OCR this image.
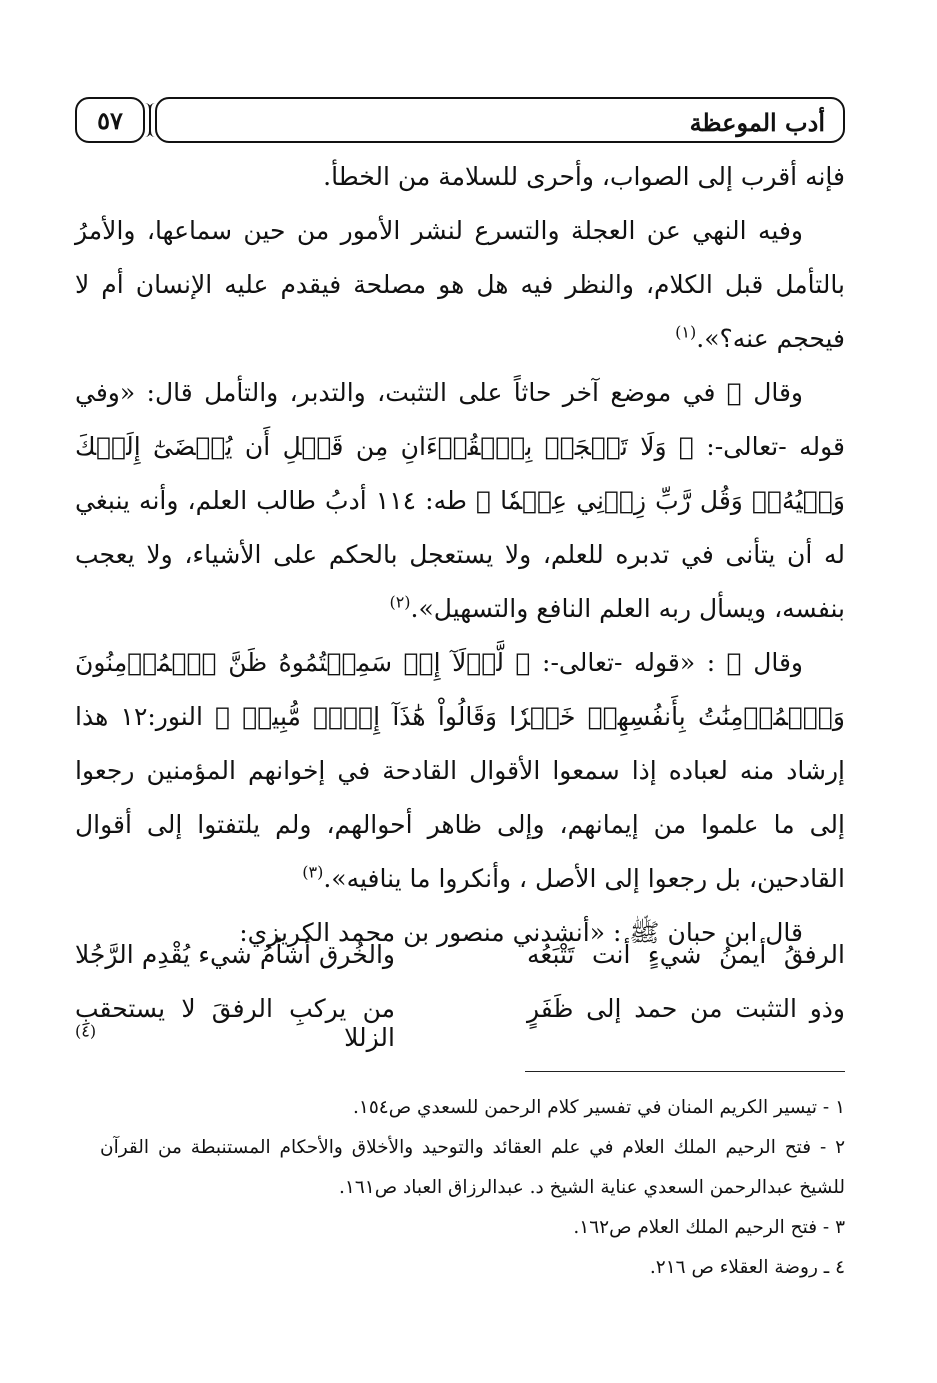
٥٧	أدب الموعظة

فإنه أقرب إلى الصواب، وأحرى للسلامة من الخطأ.

وفيه النهي عن العجلة والتسرع لنشر الأمور من حين سماعها، والأمرُ بالتأمل قبل الكلام، والنظر فيه هل هو مصلحة فيقدم عليه الإنسان أم لا فيحجم عنه؟».$^{(١)}$

وقال ﷺ في موضع آخر حاثاً على التثبت، والتدبر، والتأمل قال: «وفي قوله -تعالى-: ﴿ وَلَا تَعۡجَلۡ بِٱلۡقُرۡءَانِ مِن قَبۡلِ أَن يُقۡضَىٰٓ إِلَيۡكَ وَحۡيُهُۥۖ وَقُل رَّبِّ زِدۡنِي عِلۡمٗا ﴾ طه: ١١٤ أدبُ طالب العلم، وأنه ينبغي له أن يتأنى في تدبره للعلم، ولا يستعجل بالحكم على الأشياء، ولا يعجب بنفسه، ويسأل ربه العلم النافع والتسهيل».$^{(٢)}$

وقال ﷺ : «قوله -تعالى-: ﴿ لَّوۡلَآ إِذۡ سَمِعۡتُمُوهُ ظَنَّ ٱلۡمُؤۡمِنُونَ وَٱلۡمُؤۡمِنَٰتُ بِأَنفُسِهِمۡ خَيۡرٗا وَقَالُواْ هَٰذَآ إِفۡكٞ مُّبِينٞ ﴾ النور:١٢ هذا إرشاد منه لعباده إذا سمعوا الأقوال القادحة في إخوانهم المؤمنين رجعوا إلى ما علموا من إيمانهم، وإلى ظاهر أحوالهم، ولم يلتفتوا إلى أقوال القادحين، بل رجعوا إلى الأصل ، وأنكروا ما ينافيه».$^{(٣)}$

قال ابن حبان ﷺ : «أنشدني منصور بن محمد الكريزي:

الرفقُ أيمنُ شيءٍ أنت تَتْبَعُه
والخُرق أشأمُ شيء يُقْدِم الرَّجُلا
وذو التثبت من حمد إلى ظَفَرٍ
من يركبِ الرفقَ لا يستحقبِ الزللا $^{(٤)}$

١ - تيسير الكريم المنان في تفسير كلام الرحمن للسعدي ص١٥٤.

٢ - فتح الرحيم الملك العلام في علم العقائد والتوحيد والأخلاق والأحكام المستنبطة من القرآن للشيخ عبدالرحمن السعدي عناية الشيخ د. عبدالرزاق العباد ص١٦١.

٣ - فتح الرحيم الملك العلام ص١٦٢.

٤ ـ روضة العقلاء ص ٢١٦.
